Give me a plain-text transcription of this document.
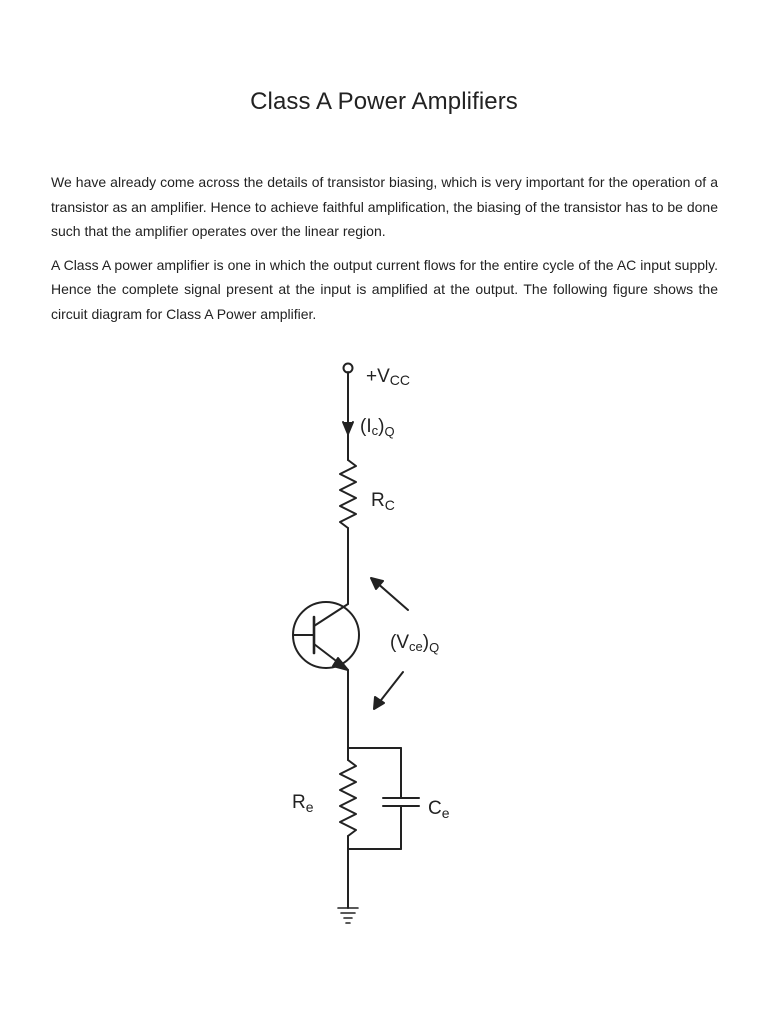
Class A Power Amplifiers

We have already come across the details of transistor biasing, which is very important for the operation of a transistor as an amplifier. Hence to achieve faithful amplification, the biasing of the transistor has to be done such that the amplifier operates over the linear region.

A Class A power amplifier is one in which the output current flows for the entire cycle of the AC input supply. Hence the complete signal present at the input is amplified at the output. The following figure shows the circuit diagram for Class A Power amplifier.

+VCC
$(Ic)_Q$
$R_C$
$(Vce)_Q$
$R_e$	$C_e$
